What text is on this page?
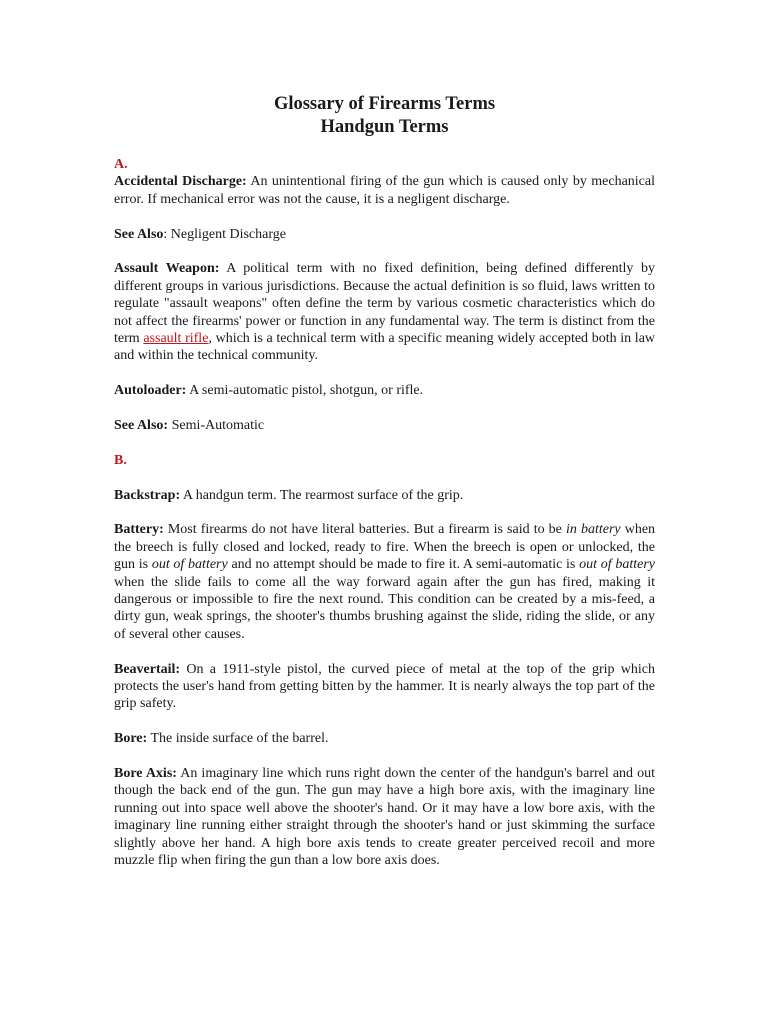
Glossary of Firearms Terms
Handgun Terms

A.

Accidental Discharge: An unintentional firing of the gun which is caused only by mechanical error. If mechanical error was not the cause, it is a negligent discharge.

See Also: Negligent Discharge

Assault Weapon: A political term with no fixed definition, being defined differently by different groups in various jurisdictions. Because the actual definition is so fluid, laws written to regulate "assault weapons" often define the term by various cosmetic characteristics which do not affect the firearms' power or function in any fundamental way. The term is distinct from the term assault rifle, which is a technical term with a specific meaning widely accepted both in law and within the technical community.

Autoloader: A semi-automatic pistol, shotgun, or rifle.

See Also: Semi-Automatic

B.

Backstrap: A handgun term. The rearmost surface of the grip.

Battery: Most firearms do not have literal batteries. But a firearm is said to be in battery when the breech is fully closed and locked, ready to fire. When the breech is open or unlocked, the gun is out of battery and no attempt should be made to fire it. A semi-automatic is out of battery when the slide fails to come all the way forward again after the gun has fired, making it dangerous or impossible to fire the next round. This condition can be created by a mis-feed, a dirty gun, weak springs, the shooter's thumbs brushing against the slide, riding the slide, or any of several other causes.

Beavertail: On a 1911-style pistol, the curved piece of metal at the top of the grip which protects the user's hand from getting bitten by the hammer. It is nearly always the top part of the grip safety.

Bore: The inside surface of the barrel.

Bore Axis: An imaginary line which runs right down the center of the handgun's barrel and out though the back end of the gun. The gun may have a high bore axis, with the imaginary line running out into space well above the shooter's hand. Or it may have a low bore axis, with the imaginary line running either straight through the shooter's hand or just skimming the surface slightly above her hand. A high bore axis tends to create greater perceived recoil and more muzzle flip when firing the gun than a low bore axis does.
